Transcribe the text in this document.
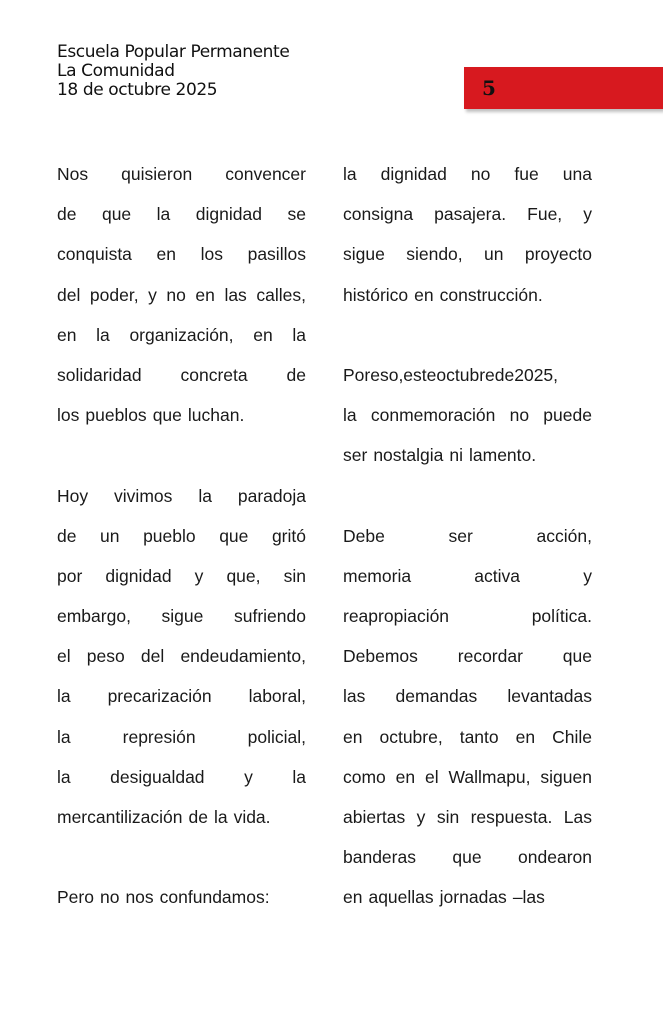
Escuela Popular Permanente
La Comunidad
18 de octubre 2025	5
Nos quisieron convencer
de que la dignidad se
conquista en los pasillos
del poder, y no en las calles,
en la organización, en la
solidaridad concreta de
los pueblos que luchan.
Hoy vivimos la paradoja
de un pueblo que gritó
por dignidad y que, sin
embargo, sigue sufriendo
el peso del endeudamiento,
la precarización laboral,
la	represión	policial,
la desigualdad y la
mercantilización de la vida.
Pero no nos confundamos:
la dignidad no fue una
consigna pasajera. Fue, y
sigue siendo, un proyecto
histórico en construcción.
Poreso,esteoctubrede2025,
la conmemoración no puede
ser nostalgia ni lamento.
Debe	ser	acción,
memoria	activa	y
reapropiación	política.
Debemos recordar que
las demandas levantadas
en octubre, tanto en Chile
como en el Wallmapu, siguen
abiertas y sin respuesta. Las
banderas que ondearon
en aquellas jornadas –las
